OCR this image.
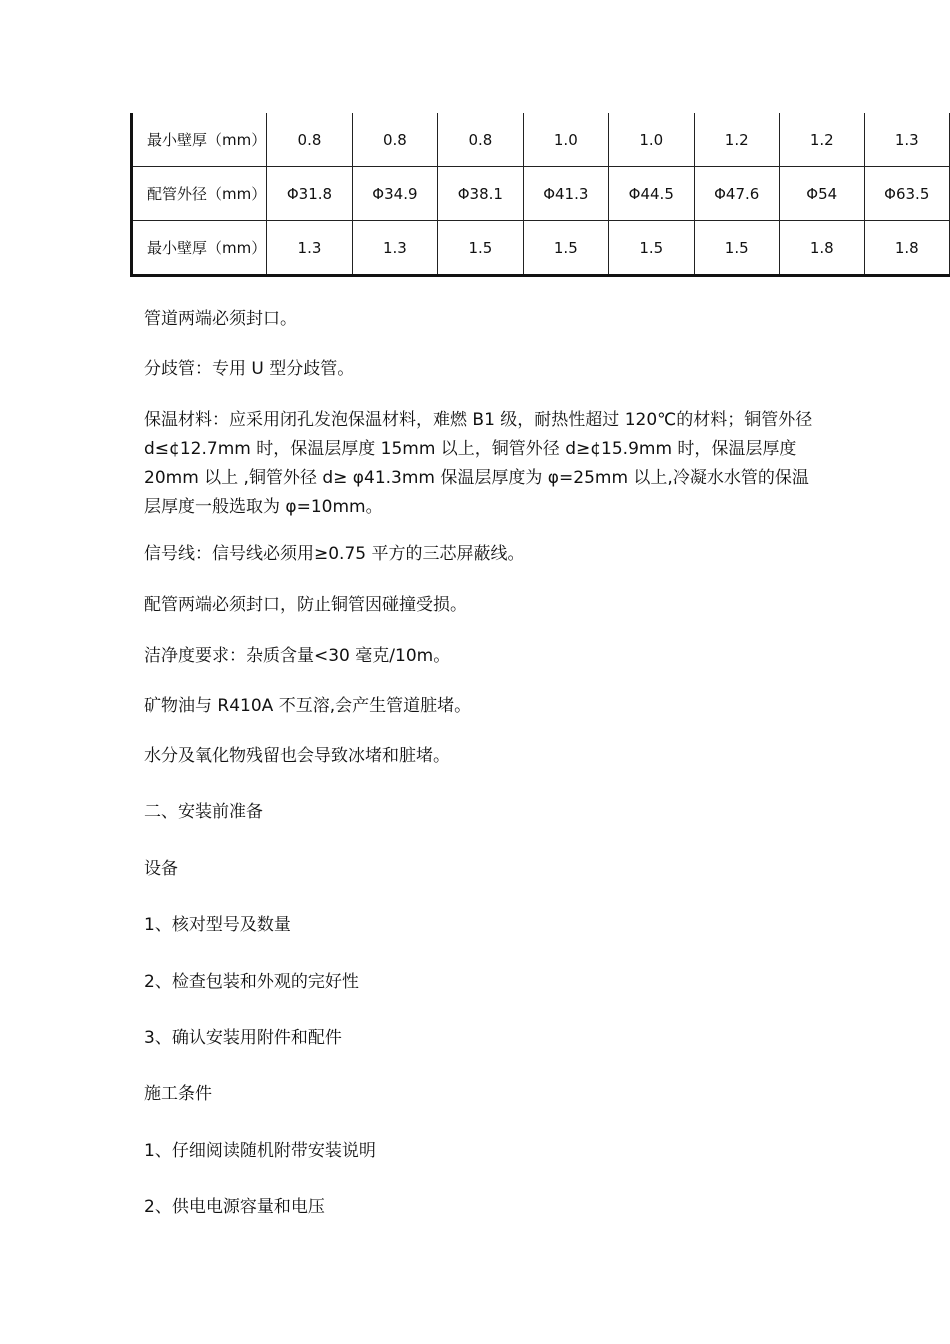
最小壁厚（mm）	0.8	0.8	0.8	1.0	1.0	1.2	1.2	1.3
配管外径（mm）	Φ31.8	Φ34.9	Φ38.1	Φ41.3	Φ44.5	Φ47.6	Φ54	Φ63.5
最小壁厚（mm）	1.3	1.3	1.5	1.5	1.5	1.5	1.8	1.8

管道两端必须封口。

分歧管：专用 U 型分歧管。

保温材料：应采用闭孔发泡保温材料，难燃 B1 级，耐热性超过 120℃的材料；铜管外径 d≤¢12.7mm 时，保温层厚度 15mm 以上，铜管外径 d≥¢15.9mm 时，保温层厚度 20mm 以上 ,铜管外径 d≥ φ41.3mm 保温层厚度为 φ=25mm 以上,冷凝水水管的保温层厚度一般选取为 φ=10mm。

信号线：信号线必须用≥0.75 平方的三芯屏蔽线。

配管两端必须封口，防止铜管因碰撞受损。

洁净度要求：杂质含量<30 毫克/10m。

矿物油与 R410A 不互溶,会产生管道脏堵。

水分及氧化物残留也会导致冰堵和脏堵。

二、安装前准备

设备

1、核对型号及数量

2、检查包装和外观的完好性

3、确认安装用附件和配件

施工条件

1、仔细阅读随机附带安装说明

2、供电电源容量和电压
